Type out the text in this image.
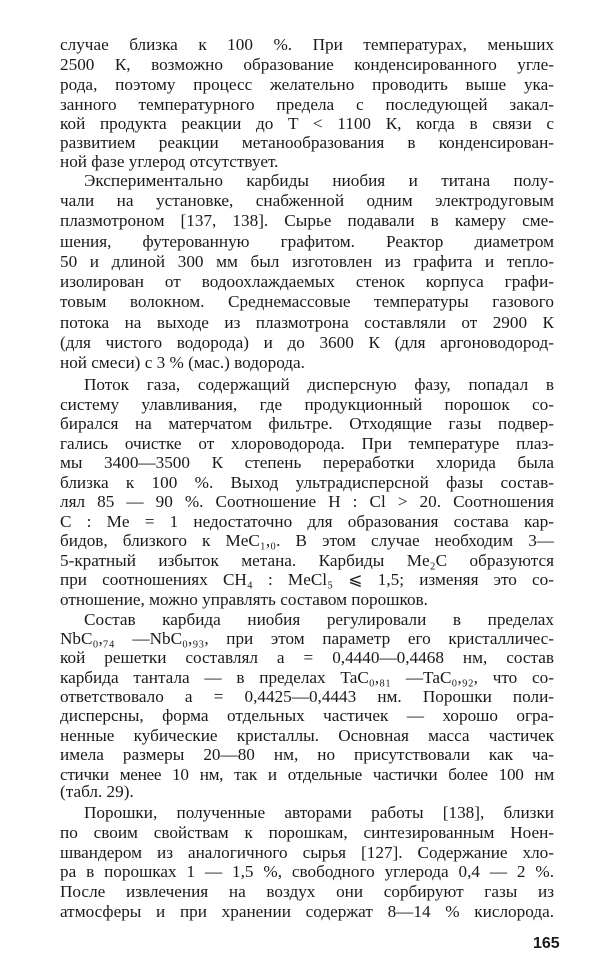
случае близка к 100 %. При температурах, меньших
2500 К, возможно образование конденсированного угле-
рода, поэтому процесс желательно проводить выше ука-
занного температурного предела с последующей закал-
кой продукта реакции до T < 1100 К, когда в связи с
развитием реакции метанообразования в конденсирован-
ной фазе углерод отсутствует.
Экспериментально карбиды ниобия и титана полу-
чали на установке, снабженной одним электродуговым
плазмотроном [137, 138]. Сырье подавали в камеру сме-
шения, футерованную графитом. Реактор диаметром
50 и длиной 300 мм был изготовлен из графита и тепло-
изолирован от водоохлаждаемых стенок корпуса графи-
товым волокном. Среднемассовые температуры газового
потока на выходе из плазмотрона составляли от 2900 К
(для чистого водорода) и до 3600 К (для аргоноводород-
ной смеси) с 3 % (мас.) водорода.
Поток газа, содержащий дисперсную фазу, попадал в
систему улавливания, где продукционный порошок со-
бирался на матерчатом фильтре. Отходящие газы подвер-
гались очистке от хлороводорода. При температуре плаз-
мы 3400—3500 К степень переработки хлорида была
близка к 100 %. Выход ультрадисперсной фазы состав-
лял 85 — 90 %. Соотношение H : Cl > 20. Соотношения
C : Me = 1 недостаточно для образования состава кар-
бидов, близкого к MeC₁,₀. В этом случае необходим 3—
5-кратный избыток метана. Карбиды Me₂C образуются
при соотношениях CH₄ : MeCl₅ ⩽ 1,5; изменяя это со-
отношение, можно управлять составом порошков.
Состав карбида ниобия регулировали в пределах
NbC₀,₇₄ —NbC₀,₉₃, при этом параметр его кристалличес-
кой решетки составлял a = 0,4440—0,4468 нм, состав
карбида тантала — в пределах TaC₀,₈₁ —TaC₀,₉₂, что со-
ответствовало a = 0,4425—0,4443 нм. Порошки поли-
дисперсны, форма отдельных частичек — хорошо огра-
ненные кубические кристаллы. Основная масса частичек
имела размеры 20—80 нм, но присутствовали как ча-
стички менее 10 нм, так и отдельные частички более 100 нм
(табл. 29).
Порошки, полученные авторами работы [138], близки
по своим свойствам к порошкам, синтезированным Ноен-
швандером из аналогичного сырья [127]. Содержание хло-
ра в порошках 1 — 1,5 %, свободного углерода 0,4 — 2 %.
После извлечения на воздух они сорбируют газы из
атмосферы и при хранении содержат 8—14 % кислорода.
165
